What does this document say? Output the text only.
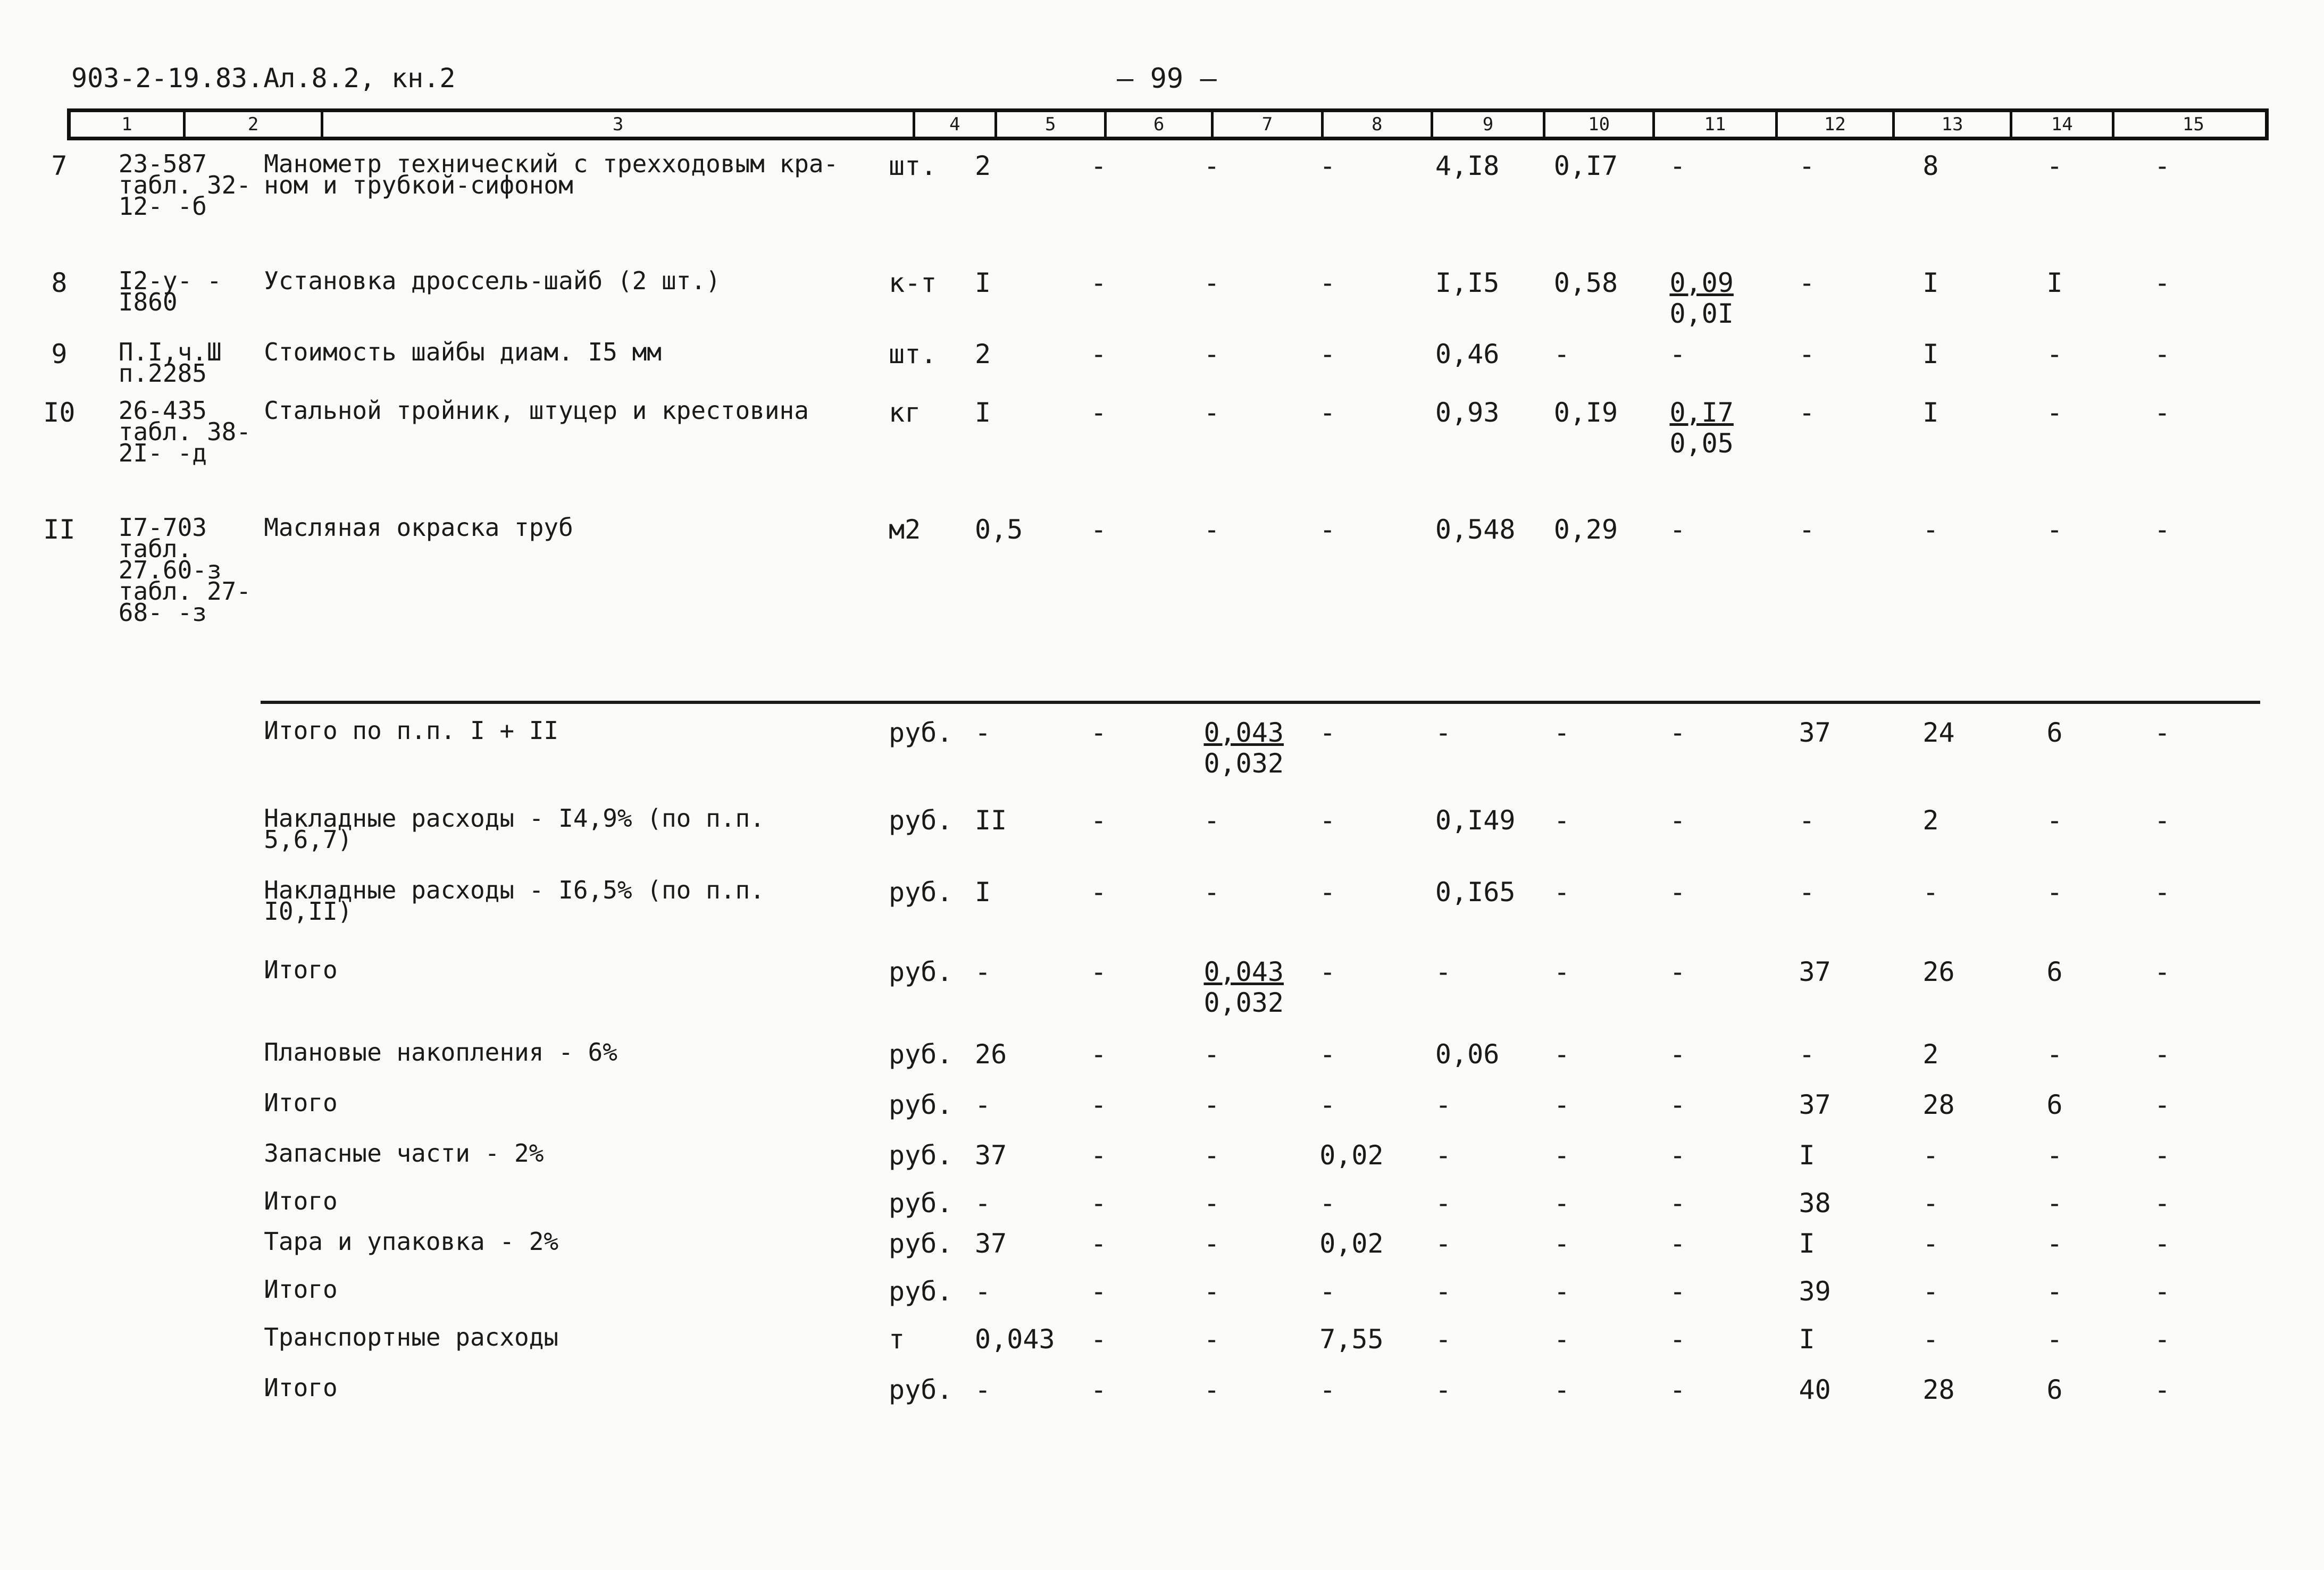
903-2-19.83.Ал.8.2, кн.2	— 99 —
1	2	3	4	5	6	7	8	9	10	11	12	13	14	15

7	23-587 табл. 32-12- -б	Манометр технический с трехходовым кра- ном и трубкой-сифоном	шт.	2	-	-	-	4,I8	0,I7	-	-	8	-	-
8	I2-у- -I860	Установка дроссель-шайб (2 шт.)	к-т	I	-	-	-	I,I5	0,58	$\frac{0,09}{0,0I}$	-	I	I	-
9	П.I,ч.Ш п.2285	Стоимость шайбы диам. I5 мм	шт.	2	-	-	-	0,46	-	-	-	I	-	-
I0	26-435 табл. 38-2I- -д	Стальной тройник, штуцер и крестовина	кг	I	-	-	-	0,93	0,I9	$\frac{0,I7}{0,05}$	-	I	-	-
II	I7-703 табл. 27.60-з табл. 27-68- -з	Масляная окраска труб	м2	0,5	-	-	-	0,548	0,29	-	-	-	-	-
		Итого по п.п. I + II	руб.	-	-	$\frac{0,043}{0,032}$	-	-	-	-	37	24	6	-
		Накладные расходы - I4,9% (по п.п. 5,6,7)	руб.	II	-	-	-	0,I49	-	-	-	2	-	-
		Накладные расходы - I6,5% (по п.п. I0,II)	руб.	I	-	-	-	0,I65	-	-	-	-	-	-
		Итого	руб.	-	-	$\frac{0,043}{0,032}$	-	-	-	-	37	26	6	-
		Плановые накопления - 6%	руб.	26	-	-	-	0,06	-	-	-	2	-	-
		Итого	руб.	-	-	-	-	-	-	-	37	28	6	-
		Запасные части - 2%	руб.	37	-	-	0,02	-	-	-	I	-	-	-
		Итого	руб.	-	-	-	-	-	-	-	38	-	-	-
		Тара и упаковка - 2%	руб.	37	-	-	0,02	-	-	-	I	-	-	-
		Итого	руб.	-	-	-	-	-	-	-	39	-	-	-
		Транспортные расходы	т	0,043	-	-	7,55	-	-	-	I	-	-	-
		Итого	руб.	-	-	-	-	-	-	-	40	28	6	-
